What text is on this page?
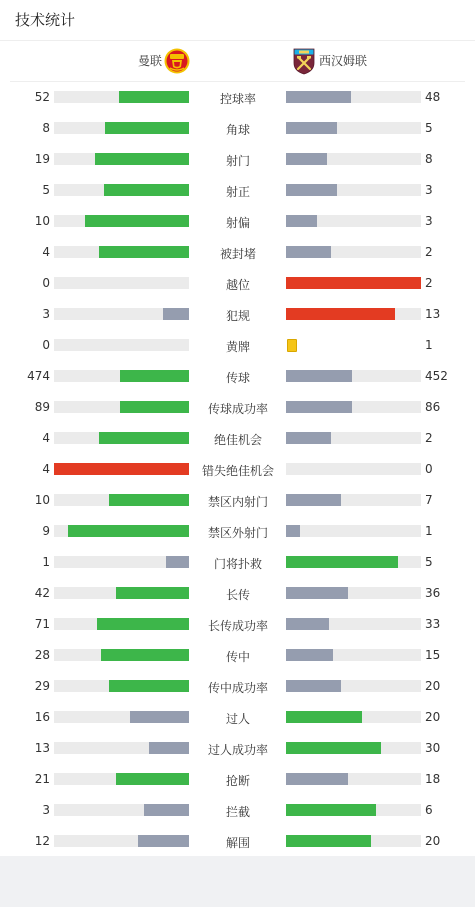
技术统计
曼联	西汉姆联
52	控球率	48
8	角球	5
19	射门	8
5	射正	3
10	射偏	3
4	被封堵	2
0	越位	2
3	犯规	13
0	黄牌	1
474	传球	452
89	传球成功率	86
4	绝佳机会	2
4	错失绝佳机会	0
10	禁区内射门	7
9	禁区外射门	1
1	门将扑救	5
42	长传	36
71	长传成功率	33
28	传中	15
29	传中成功率	20
16	过人	20
13	过人成功率	30
21	抢断	18
3	拦截	6
12	解围	20
